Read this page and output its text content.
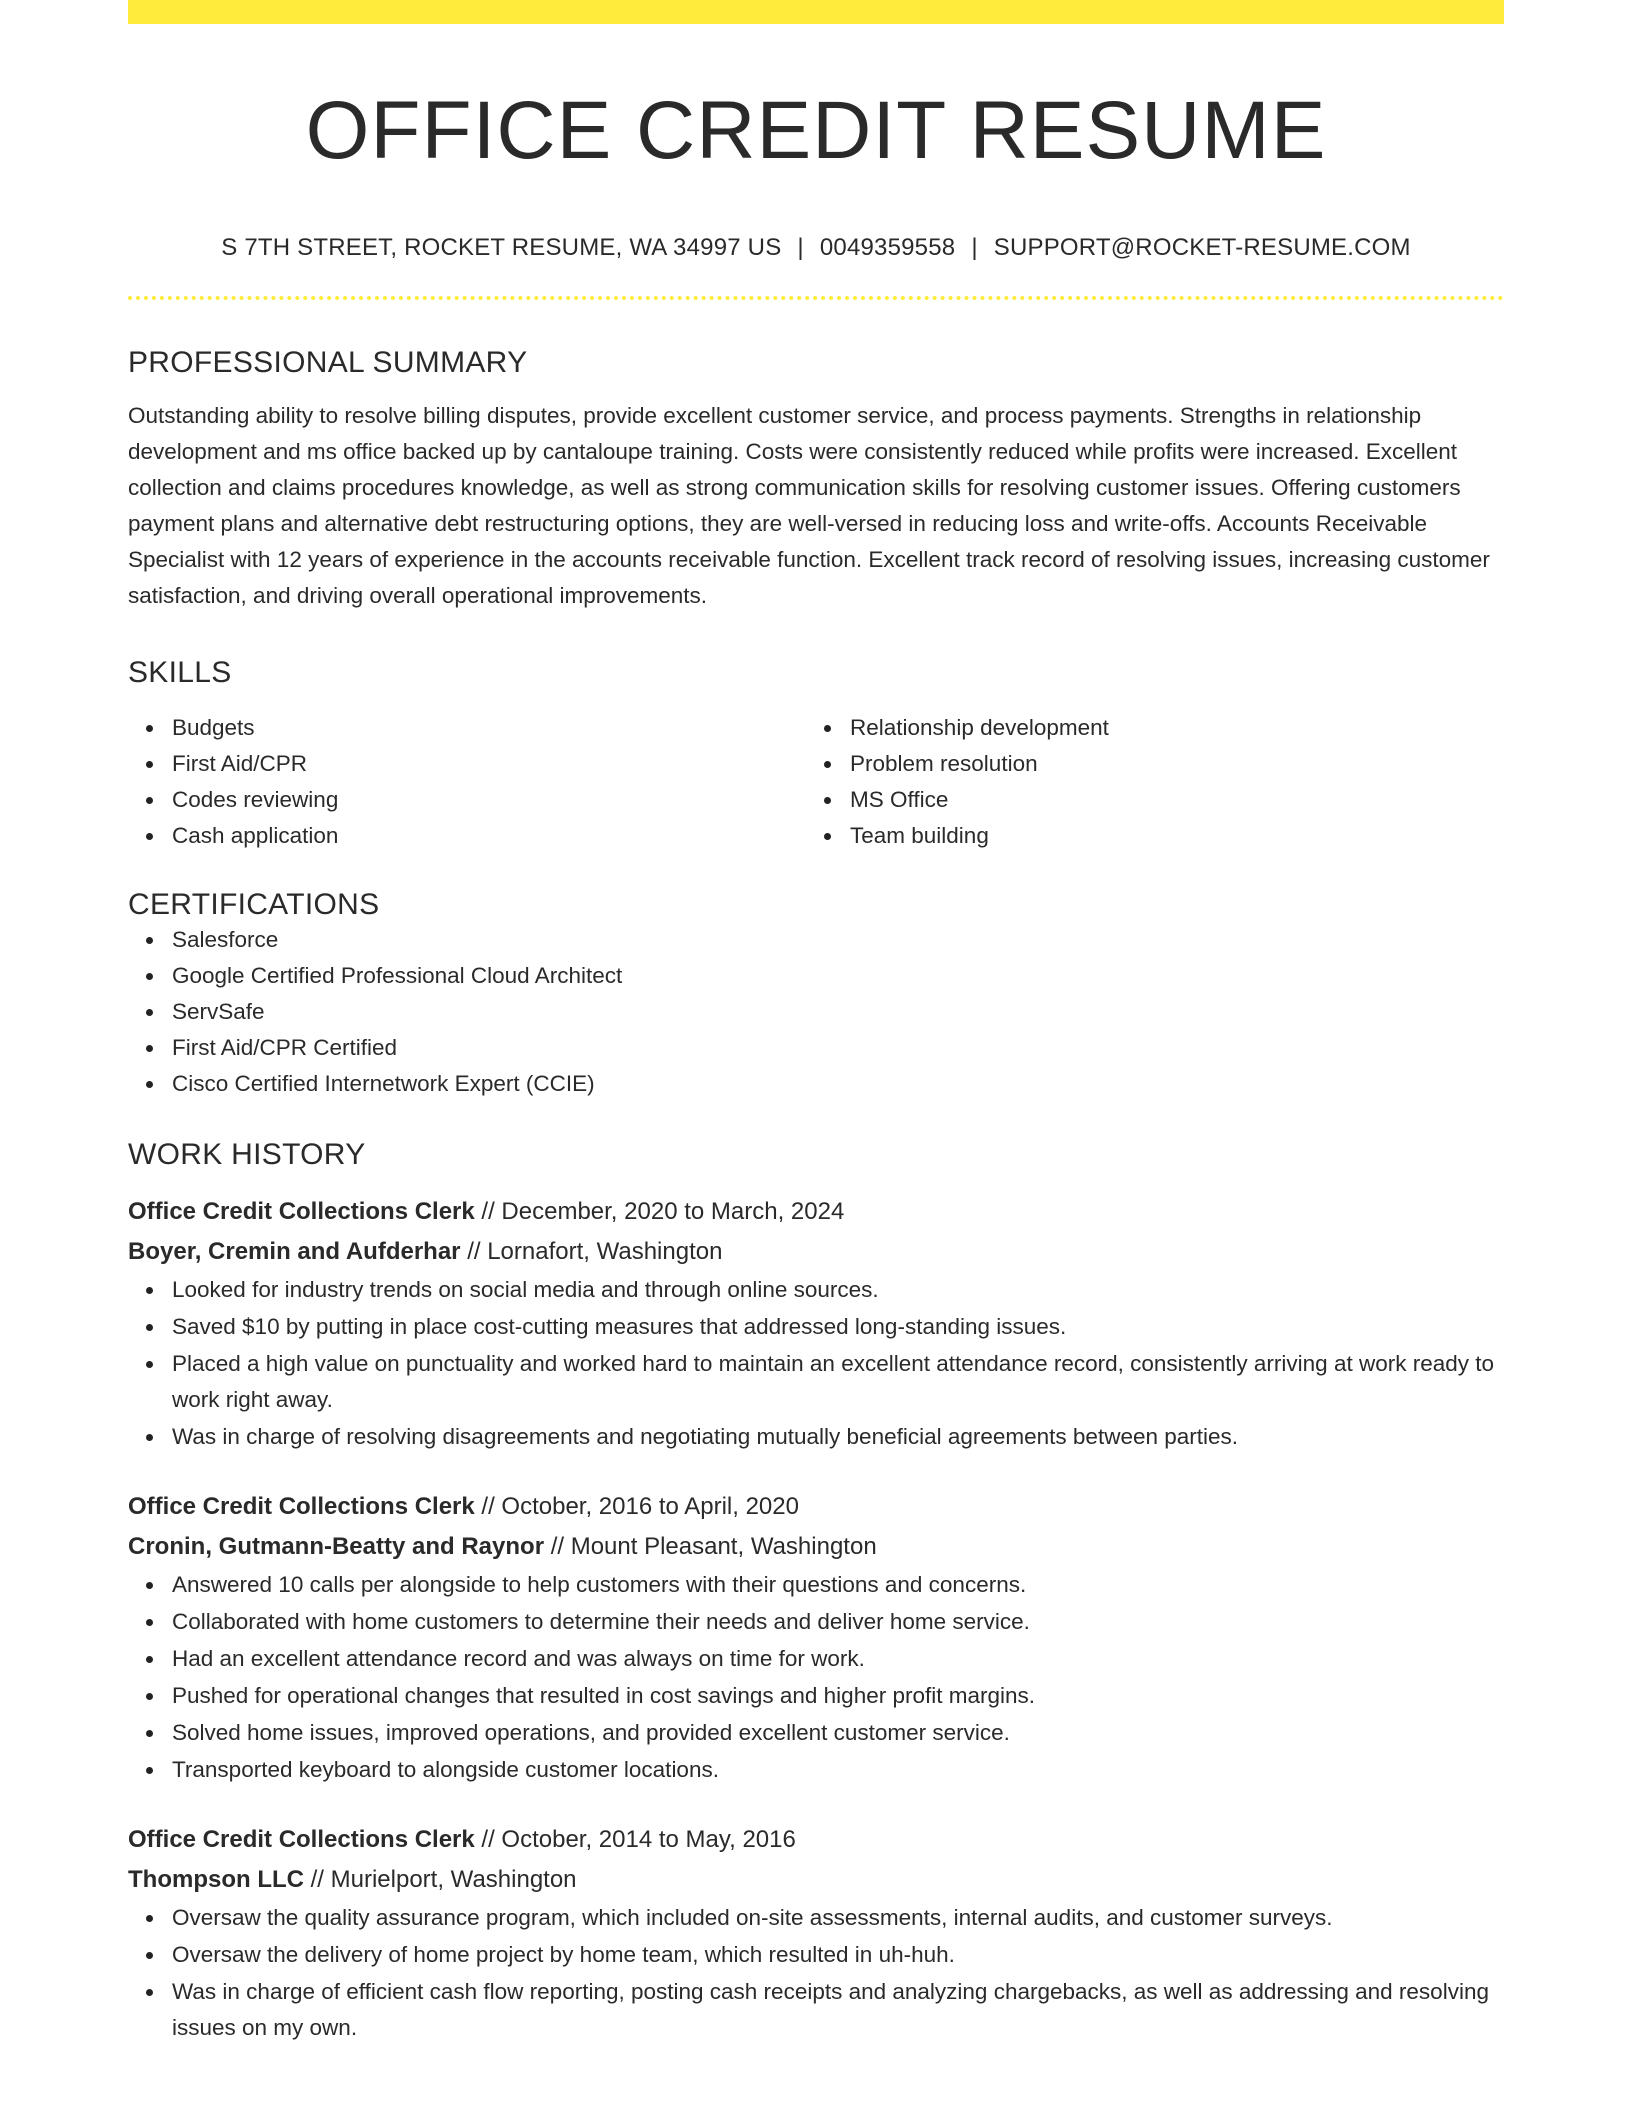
OFFICE CREDIT RESUME
S 7TH STREET, ROCKET RESUME, WA 34997 US | 0049359558 | SUPPORT@ROCKET-RESUME.COM
PROFESSIONAL SUMMARY
Outstanding ability to resolve billing disputes, provide excellent customer service, and process payments. Strengths in relationship development and ms office backed up by cantaloupe training. Costs were consistently reduced while profits were increased. Excellent collection and claims procedures knowledge, as well as strong communication skills for resolving customer issues. Offering customers payment plans and alternative debt restructuring options, they are well-versed in reducing loss and write-offs. Accounts Receivable Specialist with 12 years of experience in the accounts receivable function. Excellent track record of resolving issues, increasing customer satisfaction, and driving overall operational improvements.
SKILLS
Budgets
First Aid/CPR
Codes reviewing
Cash application
Relationship development
Problem resolution
MS Office
Team building
CERTIFICATIONS
Salesforce
Google Certified Professional Cloud Architect
ServSafe
First Aid/CPR Certified
Cisco Certified Internetwork Expert (CCIE)
WORK HISTORY
Office Credit Collections Clerk // December, 2020 to March, 2024
Boyer, Cremin and Aufderhar // Lornafort, Washington
Looked for industry trends on social media and through online sources.
Saved $10 by putting in place cost-cutting measures that addressed long-standing issues.
Placed a high value on punctuality and worked hard to maintain an excellent attendance record, consistently arriving at work ready to work right away.
Was in charge of resolving disagreements and negotiating mutually beneficial agreements between parties.
Office Credit Collections Clerk // October, 2016 to April, 2020
Cronin, Gutmann-Beatty and Raynor // Mount Pleasant, Washington
Answered 10 calls per alongside to help customers with their questions and concerns.
Collaborated with home customers to determine their needs and deliver home service.
Had an excellent attendance record and was always on time for work.
Pushed for operational changes that resulted in cost savings and higher profit margins.
Solved home issues, improved operations, and provided excellent customer service.
Transported keyboard to alongside customer locations.
Office Credit Collections Clerk // October, 2014 to May, 2016
Thompson LLC // Murielport, Washington
Oversaw the quality assurance program, which included on-site assessments, internal audits, and customer surveys.
Oversaw the delivery of home project by home team, which resulted in uh-huh.
Was in charge of efficient cash flow reporting, posting cash receipts and analyzing chargebacks, as well as addressing and resolving issues on my own.
